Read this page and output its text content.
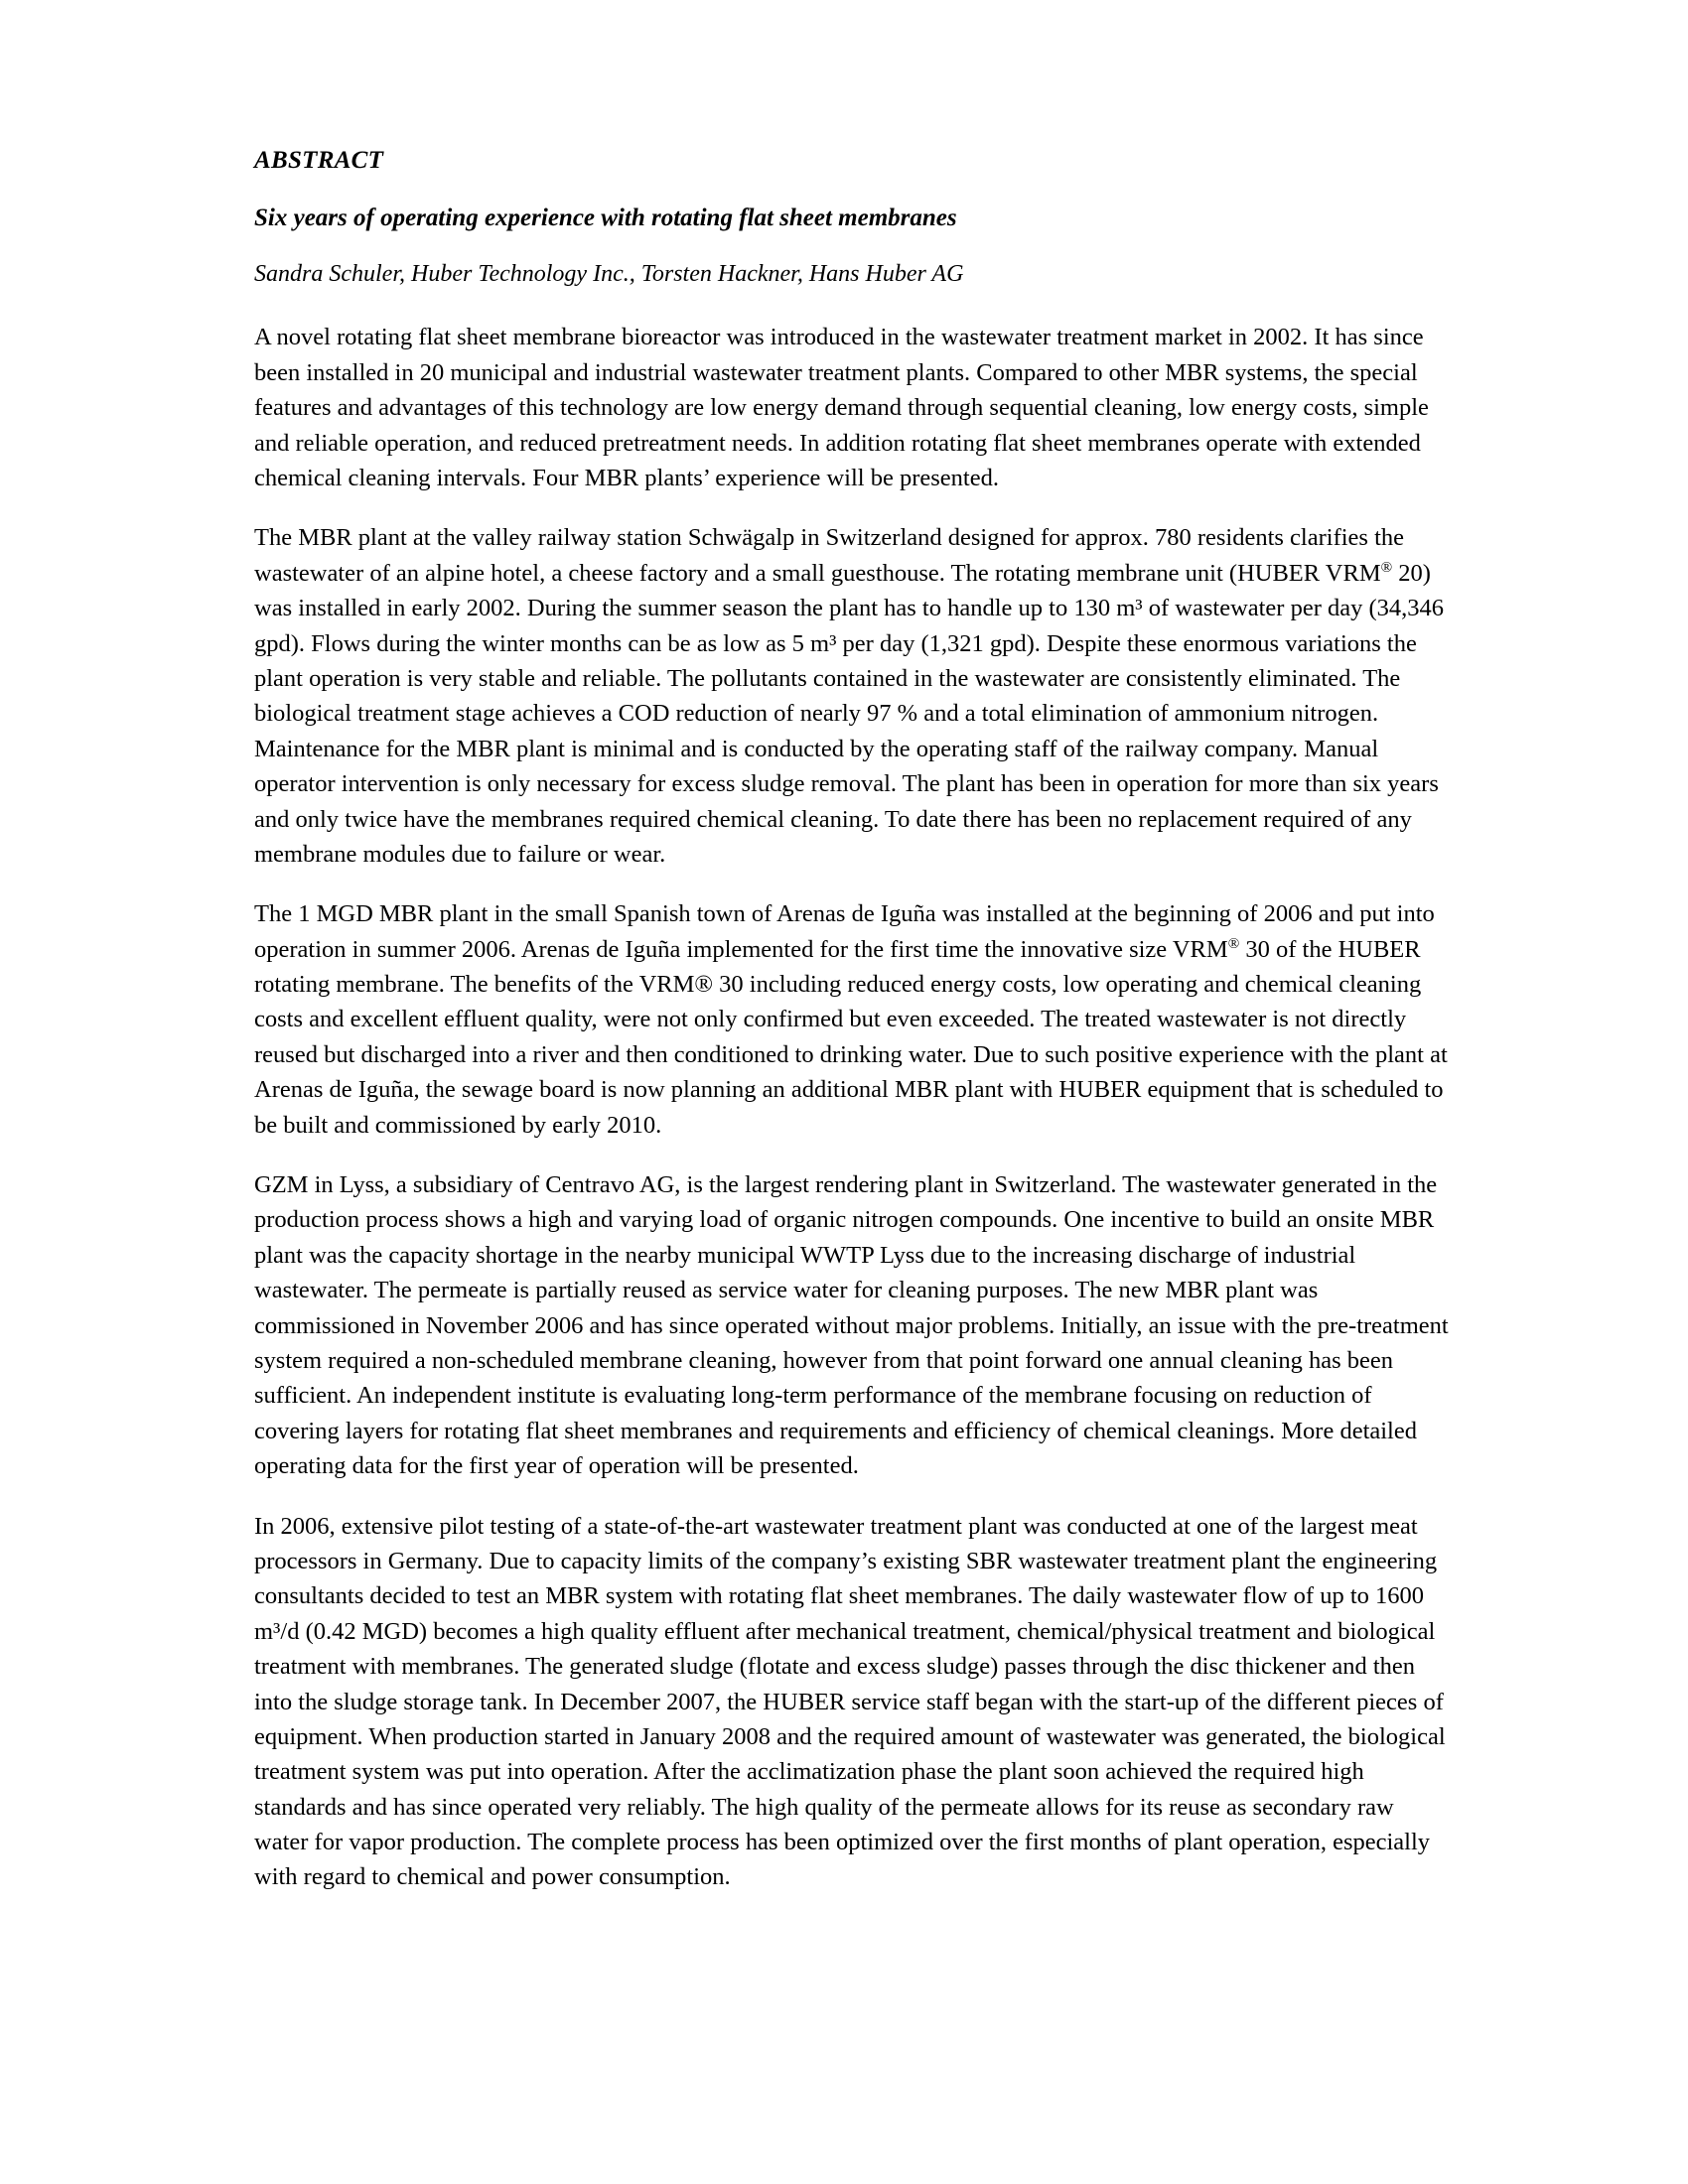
ABSTRACT
Six years of operating experience with rotating flat sheet membranes

Sandra Schuler, Huber Technology Inc., Torsten Hackner, Hans Huber AG

A novel rotating flat sheet membrane bioreactor was introduced in the wastewater treatment market in 2002. It has since been installed in 20 municipal and industrial wastewater treatment plants. Compared to other MBR systems, the special features and advantages of this technology are low energy demand through sequential cleaning, low energy costs, simple and reliable operation, and reduced pretreatment needs. In addition rotating flat sheet membranes operate with extended chemical cleaning intervals. Four MBR plants’ experience will be presented.

The MBR plant at the valley railway station Schwägalp in Switzerland designed for approx. 780 residents clarifies the wastewater of an alpine hotel, a cheese factory and a small guesthouse. The rotating membrane unit (HUBER VRM® 20) was installed in early 2002. During the summer season the plant has to handle up to 130 m³ of wastewater per day (34,346 gpd). Flows during the winter months can be as low as 5 m³ per day (1,321 gpd). Despite these enormous variations the plant operation is very stable and reliable. The pollutants contained in the wastewater are consistently eliminated. The biological treatment stage achieves a COD reduction of nearly 97 % and a total elimination of ammonium nitrogen. Maintenance for the MBR plant is minimal and is conducted by the operating staff of the railway company. Manual operator intervention is only necessary for excess sludge removal. The plant has been in operation for more than six years and only twice have the membranes required chemical cleaning. To date there has been no replacement required of any membrane modules due to failure or wear.

The 1 MGD MBR plant in the small Spanish town of Arenas de Iguña was installed at the beginning of 2006 and put into operation in summer 2006. Arenas de Iguña implemented for the first time the innovative size VRM® 30 of the HUBER rotating membrane. The benefits of the VRM® 30 including reduced energy costs, low operating and chemical cleaning costs and excellent effluent quality, were not only confirmed but even exceeded. The treated wastewater is not directly reused but discharged into a river and then conditioned to drinking water. Due to such positive experience with the plant at Arenas de Iguña, the sewage board is now planning an additional MBR plant with HUBER equipment that is scheduled to be built and commissioned by early 2010.

GZM in Lyss, a subsidiary of Centravo AG, is the largest rendering plant in Switzerland. The wastewater generated in the production process shows a high and varying load of organic nitrogen compounds. One incentive to build an onsite MBR plant was the capacity shortage in the nearby municipal WWTP Lyss due to the increasing discharge of industrial wastewater. The permeate is partially reused as service water for cleaning purposes. The new MBR plant was commissioned in November 2006 and has since operated without major problems. Initially, an issue with the pre-treatment system required a non-scheduled membrane cleaning, however from that point forward one annual cleaning has been sufficient. An independent institute is evaluating long-term performance of the membrane focusing on reduction of covering layers for rotating flat sheet membranes and requirements and efficiency of chemical cleanings. More detailed operating data for the first year of operation will be presented.

In 2006, extensive pilot testing of a state-of-the-art wastewater treatment plant was conducted at one of the largest meat processors in Germany. Due to capacity limits of the company’s existing SBR wastewater treatment plant the engineering consultants decided to test an MBR system with rotating flat sheet membranes. The daily wastewater flow of up to 1600 m³/d (0.42 MGD) becomes a high quality effluent after mechanical treatment, chemical/physical treatment and biological treatment with membranes. The generated sludge (flotate and excess sludge) passes through the disc thickener and then into the sludge storage tank. In December 2007, the HUBER service staff began with the start-up of the different pieces of equipment. When production started in January 2008 and the required amount of wastewater was generated, the biological treatment system was put into operation. After the acclimatization phase the plant soon achieved the required high standards and has since operated very reliably. The high quality of the permeate allows for its reuse as secondary raw water for vapor production. The complete process has been optimized over the first months of plant operation, especially with regard to chemical and power consumption.
